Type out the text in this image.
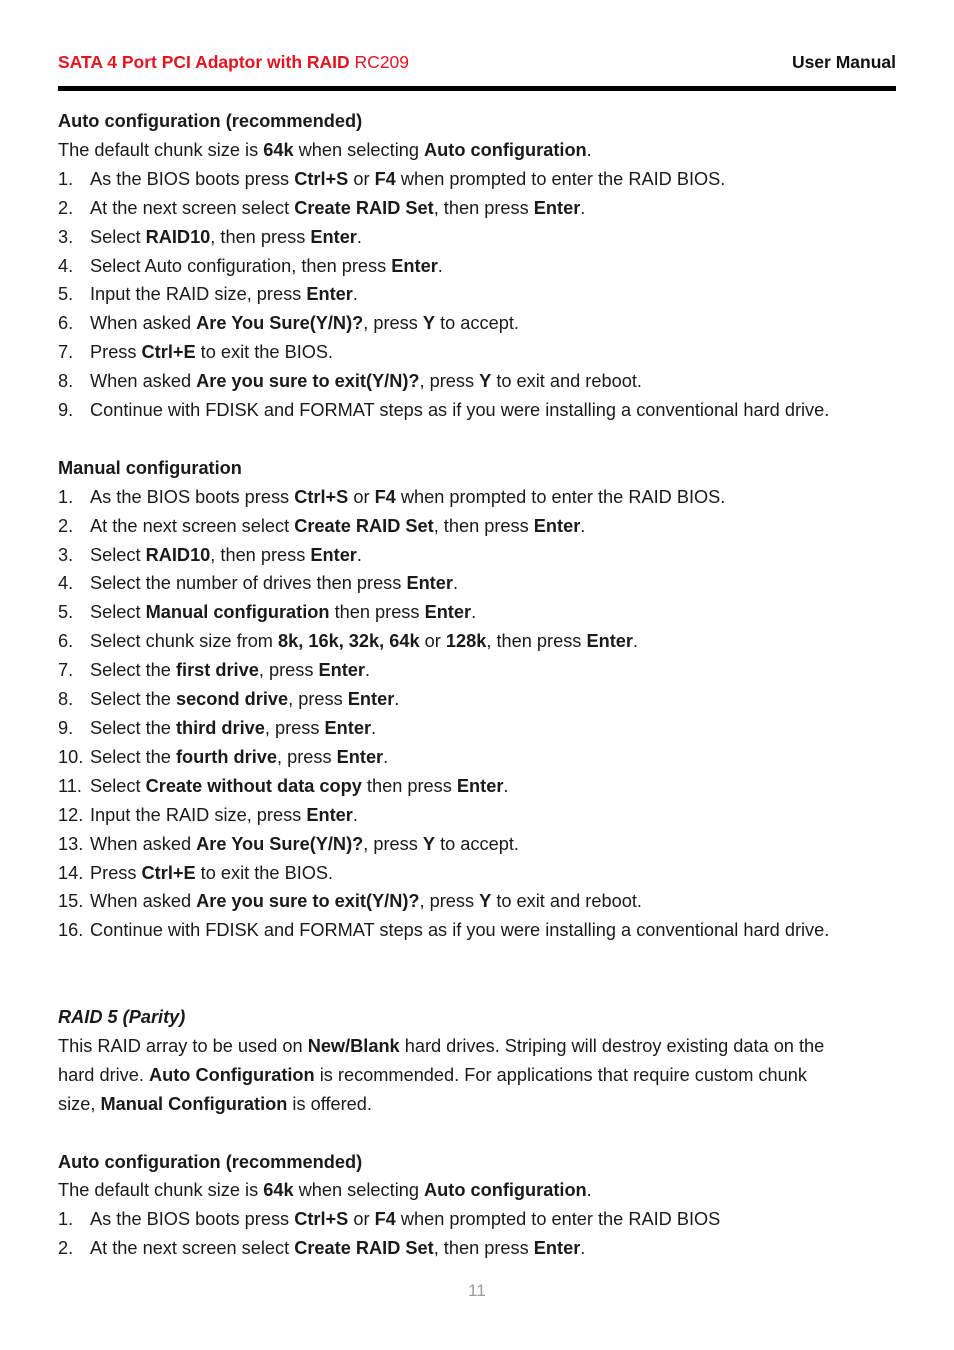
SATA 4 Port PCI Adaptor with RAID RC209	User Manual

Auto configuration (recommended)

The default chunk size is 64k when selecting Auto configuration.

1. As the BIOS boots press Ctrl+S or F4 when prompted to enter the RAID BIOS.
2. At the next screen select Create RAID Set, then press Enter.
3. Select RAID10, then press Enter.
4. Select Auto configuration, then press Enter.
5. Input the RAID size, press Enter.
6. When asked Are You Sure(Y/N)?, press Y to accept.
7. Press Ctrl+E to exit the BIOS.
8. When asked Are you sure to exit(Y/N)?, press Y to exit and reboot.
9. Continue with FDISK and FORMAT steps as if you were installing a conventional hard drive.

Manual configuration

1. As the BIOS boots press Ctrl+S or F4 when prompted to enter the RAID BIOS.
2. At the next screen select Create RAID Set, then press Enter.
3. Select RAID10, then press Enter.
4. Select the number of drives then press Enter.
5. Select Manual configuration then press Enter.
6. Select chunk size from 8k, 16k, 32k, 64k or 128k, then press Enter.
7. Select the first drive, press Enter.
8. Select the second drive, press Enter.
9. Select the third drive, press Enter.
10. Select the fourth drive, press Enter.
11. Select Create without data copy then press Enter.
12. Input the RAID size, press Enter.
13. When asked Are You Sure(Y/N)?, press Y to accept.
14. Press Ctrl+E to exit the BIOS.
15. When asked Are you sure to exit(Y/N)?, press Y to exit and reboot.
16. Continue with FDISK and FORMAT steps as if you were installing a conventional hard drive.

RAID 5 (Parity)

This RAID array to be used on New/Blank hard drives. Striping will destroy existing data on the

hard drive. Auto Configuration is recommended. For applications that require custom chunk

size, Manual Configuration is offered.

Auto configuration (recommended)

The default chunk size is 64k when selecting Auto configuration.

1. As the BIOS boots press Ctrl+S or F4 when prompted to enter the RAID BIOS
2. At the next screen select Create RAID Set, then press Enter.
11
